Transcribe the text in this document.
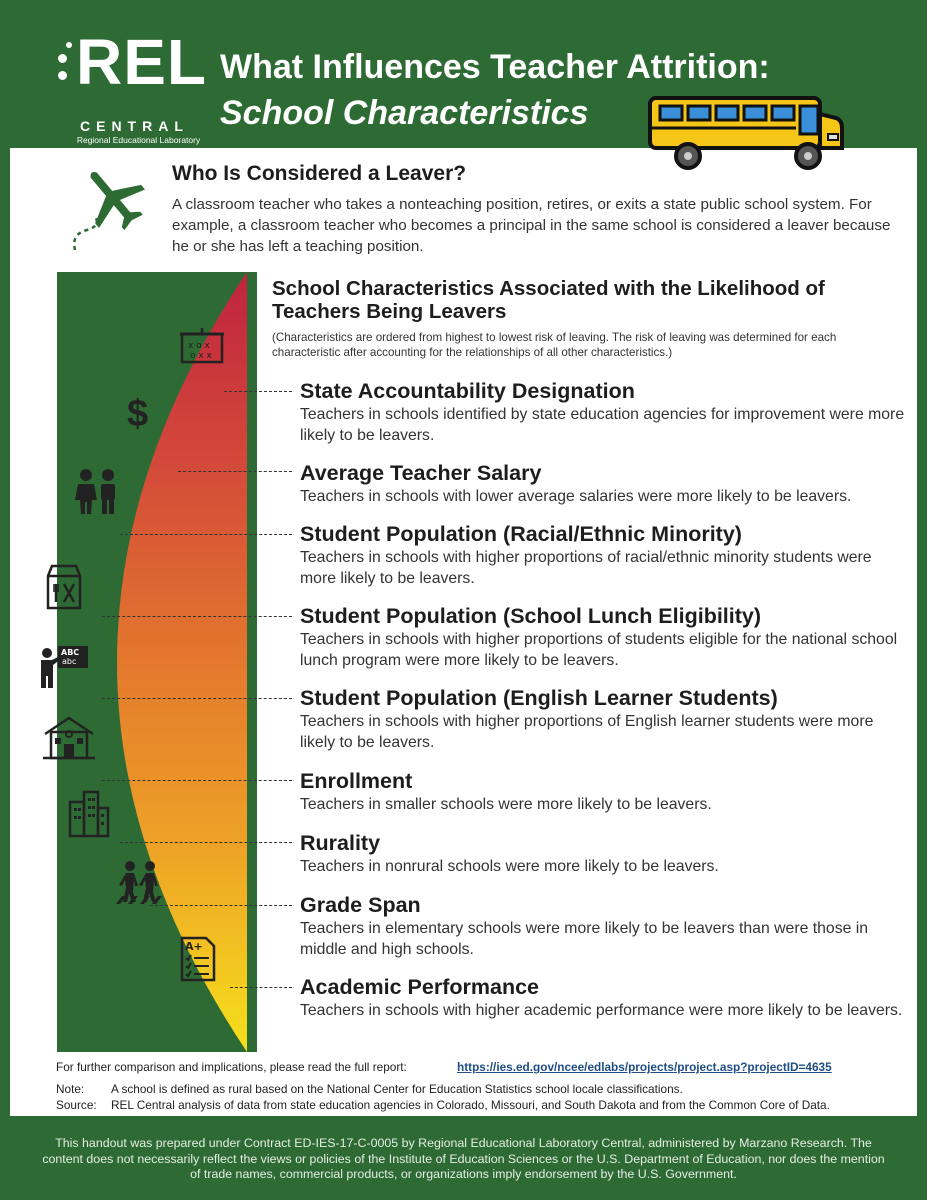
REL
CENTRAL
Regional Educational Laboratory
What Influences Teacher Attrition:
School Characteristics
Who Is Considered a Leaver?
A classroom teacher who takes a nonteaching position, retires, or exits a state public school system. For example, a classroom teacher who becomes a principal in the same school is considered a leaver because he or she has left a teaching position.
x o x
o x x
$
ABC
abc
A+
School Characteristics Associated with the Likelihood of Teachers Being Leavers
(Characteristics are ordered from highest to lowest risk of leaving. The risk of leaving was determined for each characteristic after accounting for the relationships of all other characteristics.)
State Accountability Designation
Teachers in schools identified by state education agencies for improvement were more likely to be leavers.
Average Teacher Salary
Teachers in schools with lower average salaries were more likely to be leavers.
Student Population (Racial/Ethnic Minority)
Teachers in schools with higher proportions of racial/ethnic minority students were more likely to be leavers.
Student Population (School Lunch Eligibility)
Teachers in schools with higher proportions of students eligible for the national school lunch program were more likely to be leavers.
Student Population (English Learner Students)
Teachers in schools with higher proportions of English learner students were more likely to be leavers.
Enrollment
Teachers in smaller schools were more likely to be leavers.
Rurality
Teachers in nonrural schools were more likely to be leavers.
Grade Span
Teachers in elementary schools were more likely to be leavers than were those in middle and high schools.
Academic Performance
Teachers in schools with higher academic performance were more likely to be leavers.
For further comparison and implications, please read the full report:	https://ies.ed.gov/ncee/edlabs/projects/project.asp?projectID=4635
Note: A school is defined as rural based on the National Center for Education Statistics school locale classifications.
Source: REL Central analysis of data from state education agencies in Colorado, Missouri, and South Dakota and from the Common Core of Data.
This handout was prepared under Contract ED-IES-17-C-0005 by Regional Educational Laboratory Central, administered by Marzano Research. The content does not necessarily reflect the views or policies of the Institute of Education Sciences or the U.S. Department of Education, nor does the mention of trade names, commercial products, or organizations imply endorsement by the U.S. Government.
